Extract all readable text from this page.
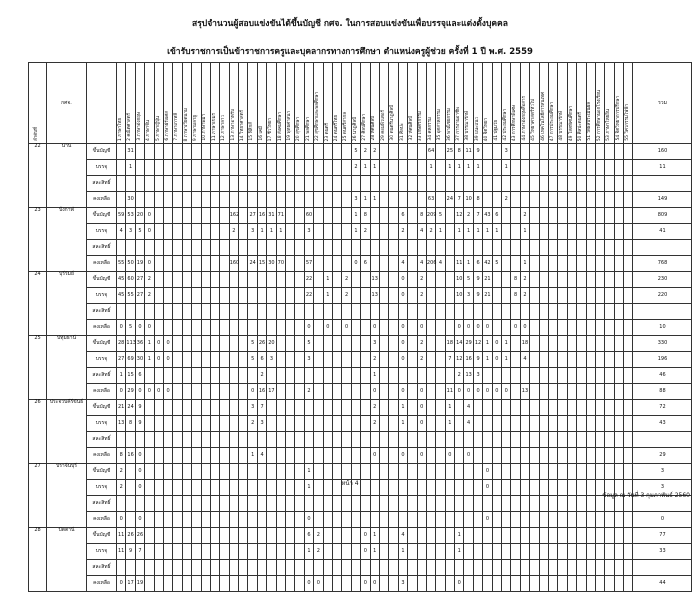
สรุปจำนวนผู้สอบแข่งขันได้ขึ้นบัญชี กศจ. ในการสอบแข่งขันเพื่อบรรจุและแต่งตั้งบุคคล
เข้ารับราชการเป็นข้าราชการครูและบุคลากรทางการศึกษา ตำแหน่งครูผู้ช่วย ครั้งที่ 1 ปี พ.ศ. 2559
ลำดับที่	กศจ.		1 ภาษาไทย	2 คณิตศาสตร์	3 ภาษาอังกฤษ	4 ภาษาจีน	5 ภาษาญี่ปุ่น	6 ภาษาฝรั่งเศส	7 ภาษาเกาหลี	8 ภาษาเวียดนาม	9 ภาษามลายู	10 ภาษาพม่า	11 ภาษาเขมร	12 ภาษาลาว	13 ภาษาอาหรับ	14 วิทยาศาสตร์	15 ฟิสิกส์	16 เคมี	17 ชีววิทยา	18 สังคมศึกษา	19 พุทธศาสนา	20 สุขศึกษา	21 พลศึกษา	22 สุขศึกษาและพลศึกษา	23 ดนตรี	24 ดนตรีไทย	25 ดนตรีสากล	26 นาฏศิลป์	27 ศิลปศึกษา	28 ทัศนศิลป์	29 คอมพิวเตอร์	30 ดนตรีนาฏศิลป์	31 ศิลปะ	32 ทัศนศิลป์	33 เกษตรกรรม	34 คหกรรม	35 อุตสาหกรรม	36 พาณิชยกรรม	37 การงานอาชีพ	38 บรรณารักษ์	39 แนะแนว	40 จิตวิทยา	41 ปฐมวัย	42 ประถมศึกษา	43 การศึกษาพิเศษ	44 ภาษาอังกฤษสื่อสาร	45 วิทยาศาสตร์ทั่วไป	46 เทคโนโลยีสารสนเทศ	47 การประถมศึกษา	48 บรรณารักษ์	49 โสตทัศนศึกษา	50 ศิลปะดนตรี	51 วัดผลประเมินผล	52 การศึกษานอกโรงเรียน	53 ภาษาไทยถิ่น	54 จิตวิทยาการปรึกษา	55 วิศวกรรมไฟฟ้า	รวม
22	น่าน	ขึ้นบัญชี		31																								5	2	2						64		25	8	11	9			3														160
		บรรจุ		1																								2	1	1						1		1	1	1	1			1														11
		สละสิทธิ์																																																								
		คงเหลือ		30																								3	1	1						63		24	7	10	8			2														149
23	บึงกาฬ	ขึ้นบัญชี	59	53	20	0									162		27	16	31	71			60					1	8				6		8	209	5		12	2	7	43	6			2												809
		บรรจุ	4	3	5	0									2		3	1	1	1			3					1	2				2		4	2	1		1	1	1	1	1			1												41
		สละสิทธิ์																																																								
		คงเหลือ	55	50	19	0									160		24	15	30	70			57					0	6				4		4	206	4		11	1	6	42	5			1												768
24	บุรีรัมย์	ขึ้นบัญชี	45	60	27	2																	22		1		2			13			0		2				10	5	9	21			8	2												230
		บรรจุ	45	55	27	2																	22		1		2			13			0		2				10	3	9	21			8	2												220
		สละสิทธิ์																																																								
		คงเหลือ	0	5	0	0																	0		0		0			0			0		0				0	0	0	0			0	0												10
25	ปทุมธานี	ขึ้นบัญชี	28	113	36	1	0	0									5	26	20				5							3			0		2			18	14	29	12	1	0	1		18												330
		บรรจุ	27	69	30	1	0	0									5	6	3				3							2			0		2			7	12	16	9	1	0	1		4												196
		สละสิทธิ์	1	15	6													2												1									2	13	3																	46
		คงเหลือ	0	29	0	0	0	0									0	16	17				2							0			0		0			11	0	0	0	0	0	0		13												88
26	ประจวบคีรีขันธ์	ขึ้นบัญชี	21	24	9												3	7												2			1		0			1		4																		72
		บรรจุ	13	8	9												2	3												2			1		0			1		4																		43
		สละสิทธิ์																																																								
		คงเหลือ	8	16	0												1	4												0			0		0			0		0																		29
27	ปราจีนบุรี	ขึ้นบัญชี	2		0																		1																			0																3
		บรรจุ	2		0																		1																			0																3
		สละสิทธิ์																																																								
		คงเหลือ	0		0																		0																			0																0
28	ปัตตานี	ขึ้นบัญชี	11	26	26																		6	2					0	1			4						1																			77
		บรรจุ	11	9	7																		1	2					0	1			1						1																			33
		สละสิทธิ์																																																								
		คงเหลือ	0	17	19																		0	0					0	0			3						0																			44
หน้า 4
ข้อมูล ณ วันที่ 3 กุมภาพันธ์ 2560
